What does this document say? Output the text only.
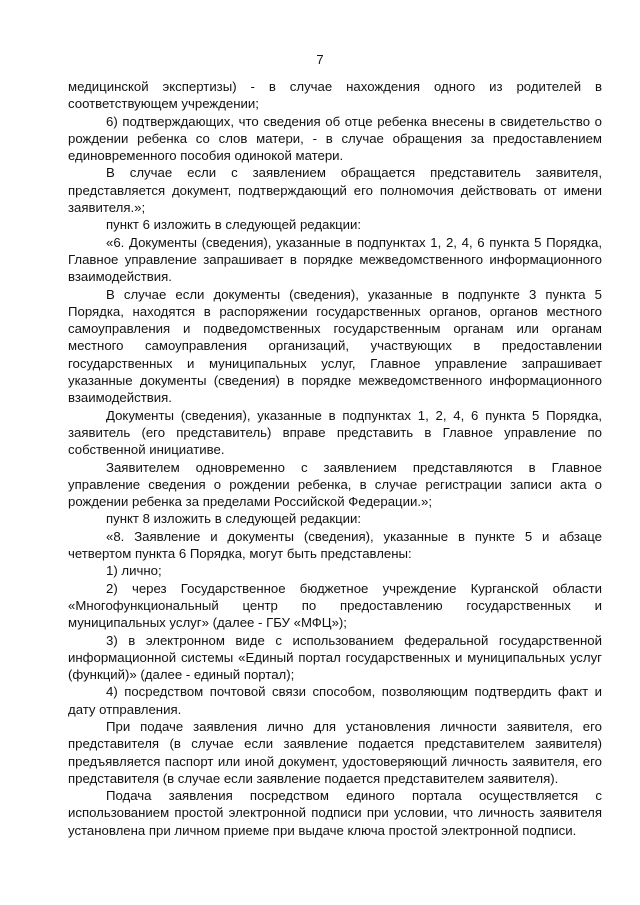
7

медицинской экспертизы) - в случае нахождения одного из родителей в соответствующем учреждении;

6) подтверждающих, что сведения об отце ребенка внесены в свидетельство о рождении ребенка со слов матери, - в случае обращения за предоставлением единовременного пособия одинокой матери.

В случае если с заявлением обращается представитель заявителя, представляется документ, подтверждающий его полномочия действовать от имени заявителя.»;

пункт 6 изложить в следующей редакции:

«6. Документы (сведения), указанные в подпунктах 1, 2, 4, 6 пункта 5 Порядка, Главное управление запрашивает в порядке межведомственного информационного взаимодействия.

В случае если документы (сведения), указанные в подпункте 3 пункта 5 Порядка, находятся в распоряжении государственных органов, органов местного самоуправления и подведомственных государственным органам или органам местного самоуправления организаций, участвующих в предоставлении государственных и муниципальных услуг, Главное управление запрашивает указанные документы (сведения) в порядке межведомственного информационного взаимодействия.

Документы (сведения), указанные в подпунктах 1, 2, 4, 6 пункта 5 Порядка, заявитель (его представитель) вправе представить в Главное управление по собственной инициативе.

Заявителем одновременно с заявлением представляются в Главное управление сведения о рождении ребенка, в случае регистрации записи акта о рождении ребенка за пределами Российской Федерации.»;

пункт 8 изложить в следующей редакции:

«8. Заявление и документы (сведения), указанные в пункте 5 и абзаце четвертом пункта 6 Порядка, могут быть представлены:

1) лично;

2) через Государственное бюджетное учреждение Курганской области «Многофункциональный центр по предоставлению государственных и муниципальных услуг» (далее - ГБУ «МФЦ»);

3) в электронном виде с использованием федеральной государственной информационной системы «Единый портал государственных и муниципальных услуг (функций)» (далее - единый портал);

4) посредством почтовой связи способом, позволяющим подтвердить факт и дату отправления.

При подаче заявления лично для установления личности заявителя, его представителя (в случае если заявление подается представителем заявителя) предъявляется паспорт или иной документ, удостоверяющий личность заявителя, его представителя (в случае если заявление подается представителем заявителя).

Подача заявления посредством единого портала осуществляется с использованием простой электронной подписи при условии, что личность заявителя установлена при личном приеме при выдаче ключа простой электронной подписи.
